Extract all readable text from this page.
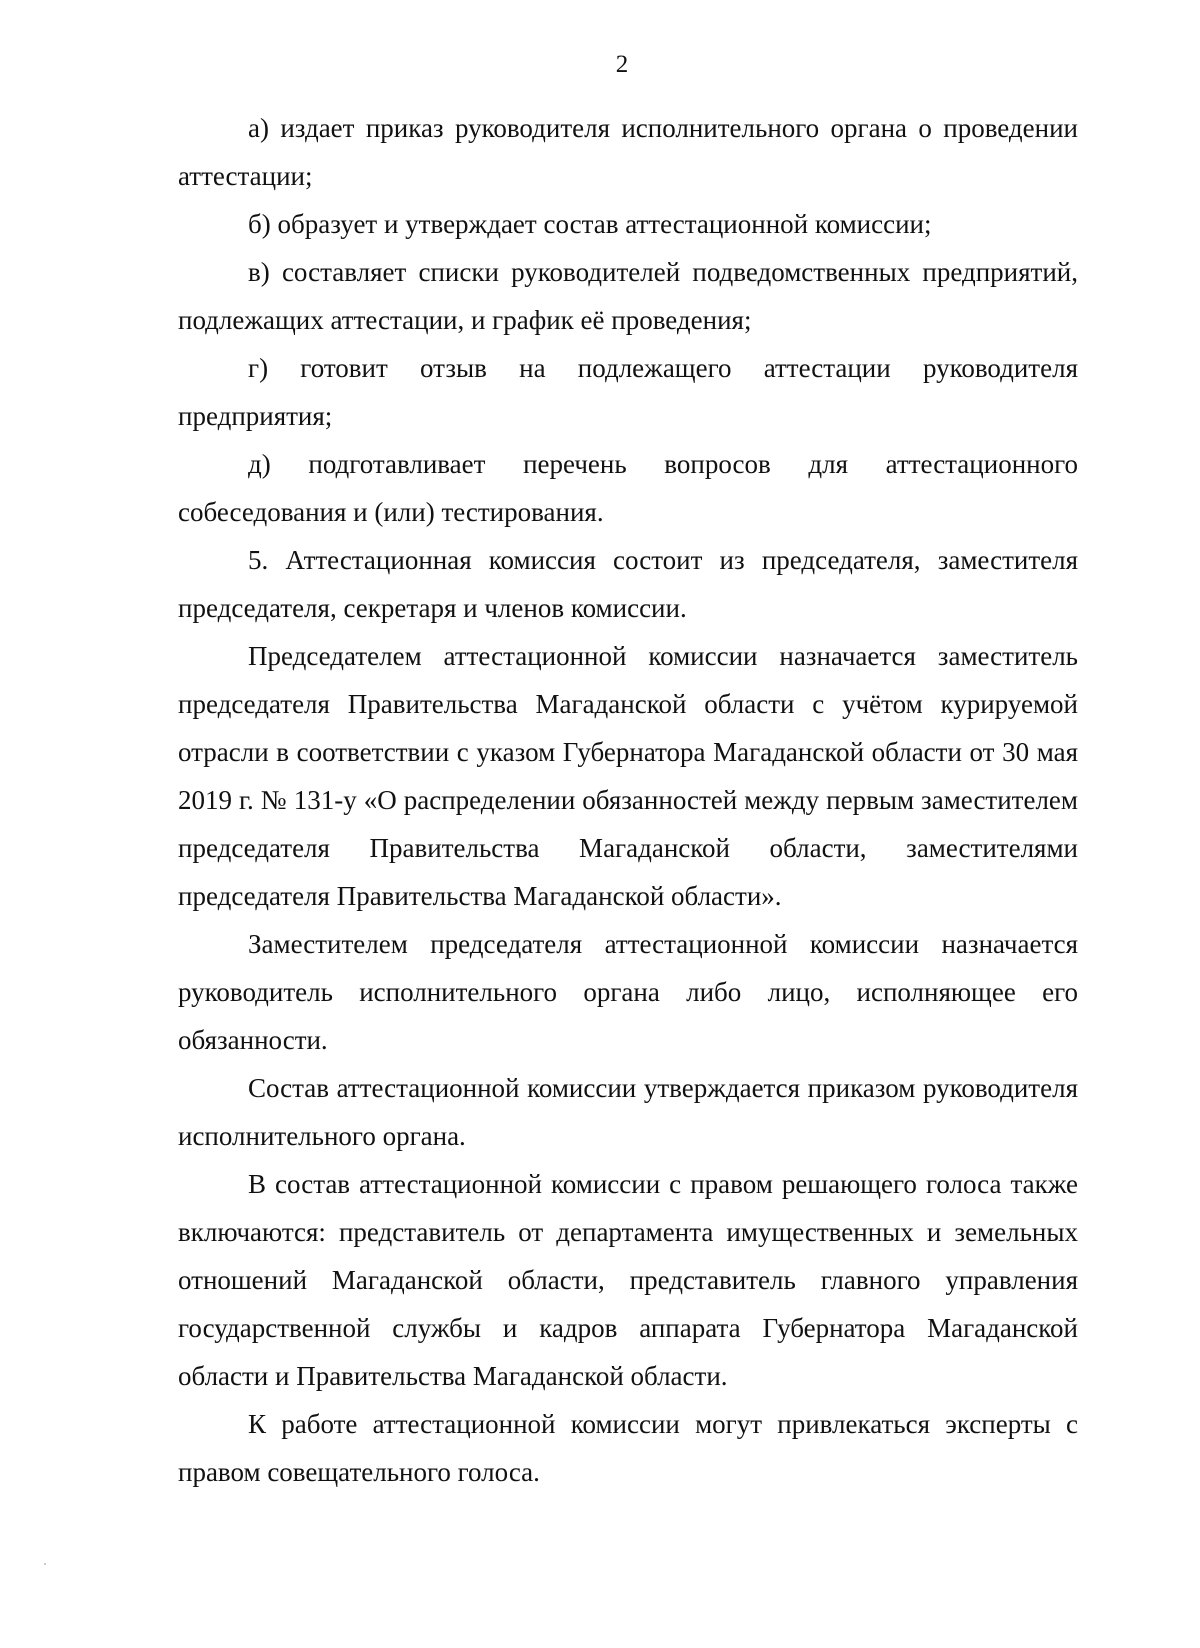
2

а) издает приказ руководителя исполнительного органа о проведении аттестации;

б) образует и утверждает состав аттестационной комиссии;

в) составляет списки руководителей подведомственных предприятий, подлежащих аттестации, и график её проведения;

г) готовит отзыв на подлежащего аттестации руководителя предприятия;

д) подготавливает перечень вопросов для аттестационного собеседования и (или) тестирования.

5. Аттестационная комиссия состоит из председателя, заместителя председателя, секретаря и членов комиссии.

Председателем аттестационной комиссии назначается заместитель председателя Правительства Магаданской области с учётом курируемой отрасли в соответствии с указом Губернатора Магаданской области от 30 мая 2019 г. № 131-у «О распределении обязанностей между первым заместителем председателя Правительства Магаданской области, заместителями председателя Правительства Магаданской области».

Заместителем председателя аттестационной комиссии назначается руководитель исполнительного органа либо лицо, исполняющее его обязанности.

Состав аттестационной комиссии утверждается приказом руководителя исполнительного органа.

В состав аттестационной комиссии с правом решающего голоса также включаются: представитель от департамента имущественных и земельных отношений Магаданской области, представитель главного управления государственной службы и кадров аппарата Губернатора Магаданской области и Правительства Магаданской области.

К работе аттестационной комиссии могут привлекаться эксперты с правом совещательного голоса.
